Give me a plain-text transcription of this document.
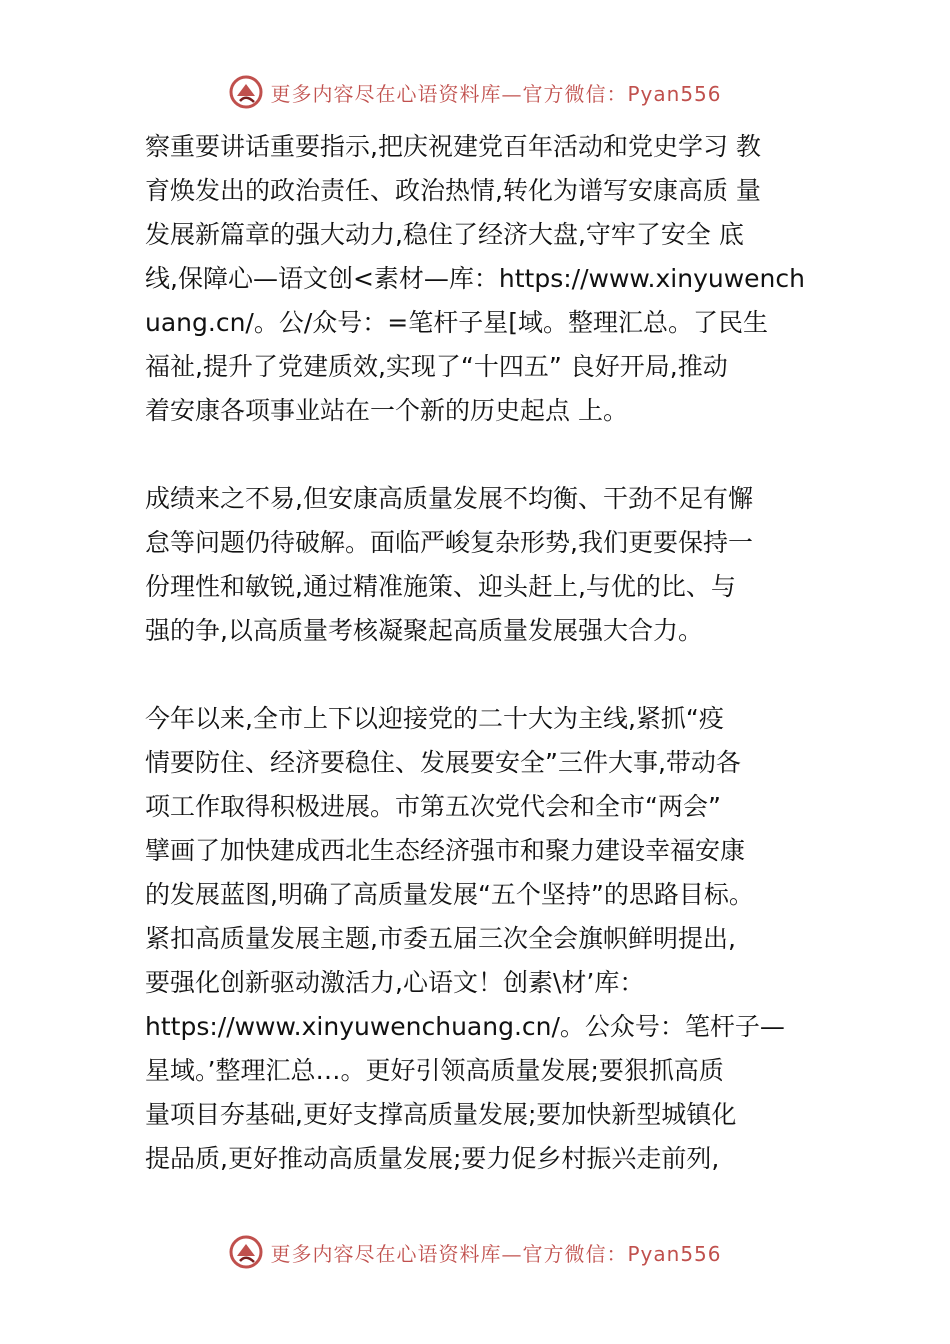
更多内容尽在心语资料库—官方微信：Pyan556

察重要讲话重要指示,把庆祝建党百年活动和党史学习 教
育焕发出的政治责任、政治热情,转化为谱写安康高质 量
发展新篇章的强大动力,稳住了经济大盘,守牢了安全 底
线,保障心—语文创<素材—库：https://www.xinyuwench
uang.cn/。公/众号：=笔杆子星[域。整理汇总。了民生
福祉,提升了党建质效,实现了“十四五” 良好开局,推动
着安康各项事业站在一个新的历史起点 上。

成绩来之不易,但安康高质量发展不均衡、干劲不足有懈
怠等问题仍待破解。面临严峻复杂形势,我们更要保持一
份理性和敏锐,通过精准施策、迎头赶上,与优的比、与
强的争,以高质量考核凝聚起高质量发展强大合力。

今年以来,全市上下以迎接党的二十大为主线,紧抓“疫
情要防住、经济要稳住、发展要安全”三件大事,带动各
项工作取得积极进展。市第五次党代会和全市“两会”
擘画了加快建成西北生态经济强市和聚力建设幸福安康
的发展蓝图,明确了高质量发展“五个坚持”的思路目标。
紧扣高质量发展主题,市委五届三次全会旗帜鲜明提出,
要强化创新驱动激活力,心语文！创素\材’库：
https://www.xinyuwenchuang.cn/。公众号：笔杆子—
星域。’整理汇总…。更好引领高质量发展;要狠抓高质
量项目夯基础,更好支撑高质量发展;要加快新型城镇化
提品质,更好推动高质量发展;要力促乡村振兴走前列,

更多内容尽在心语资料库—官方微信：Pyan556
